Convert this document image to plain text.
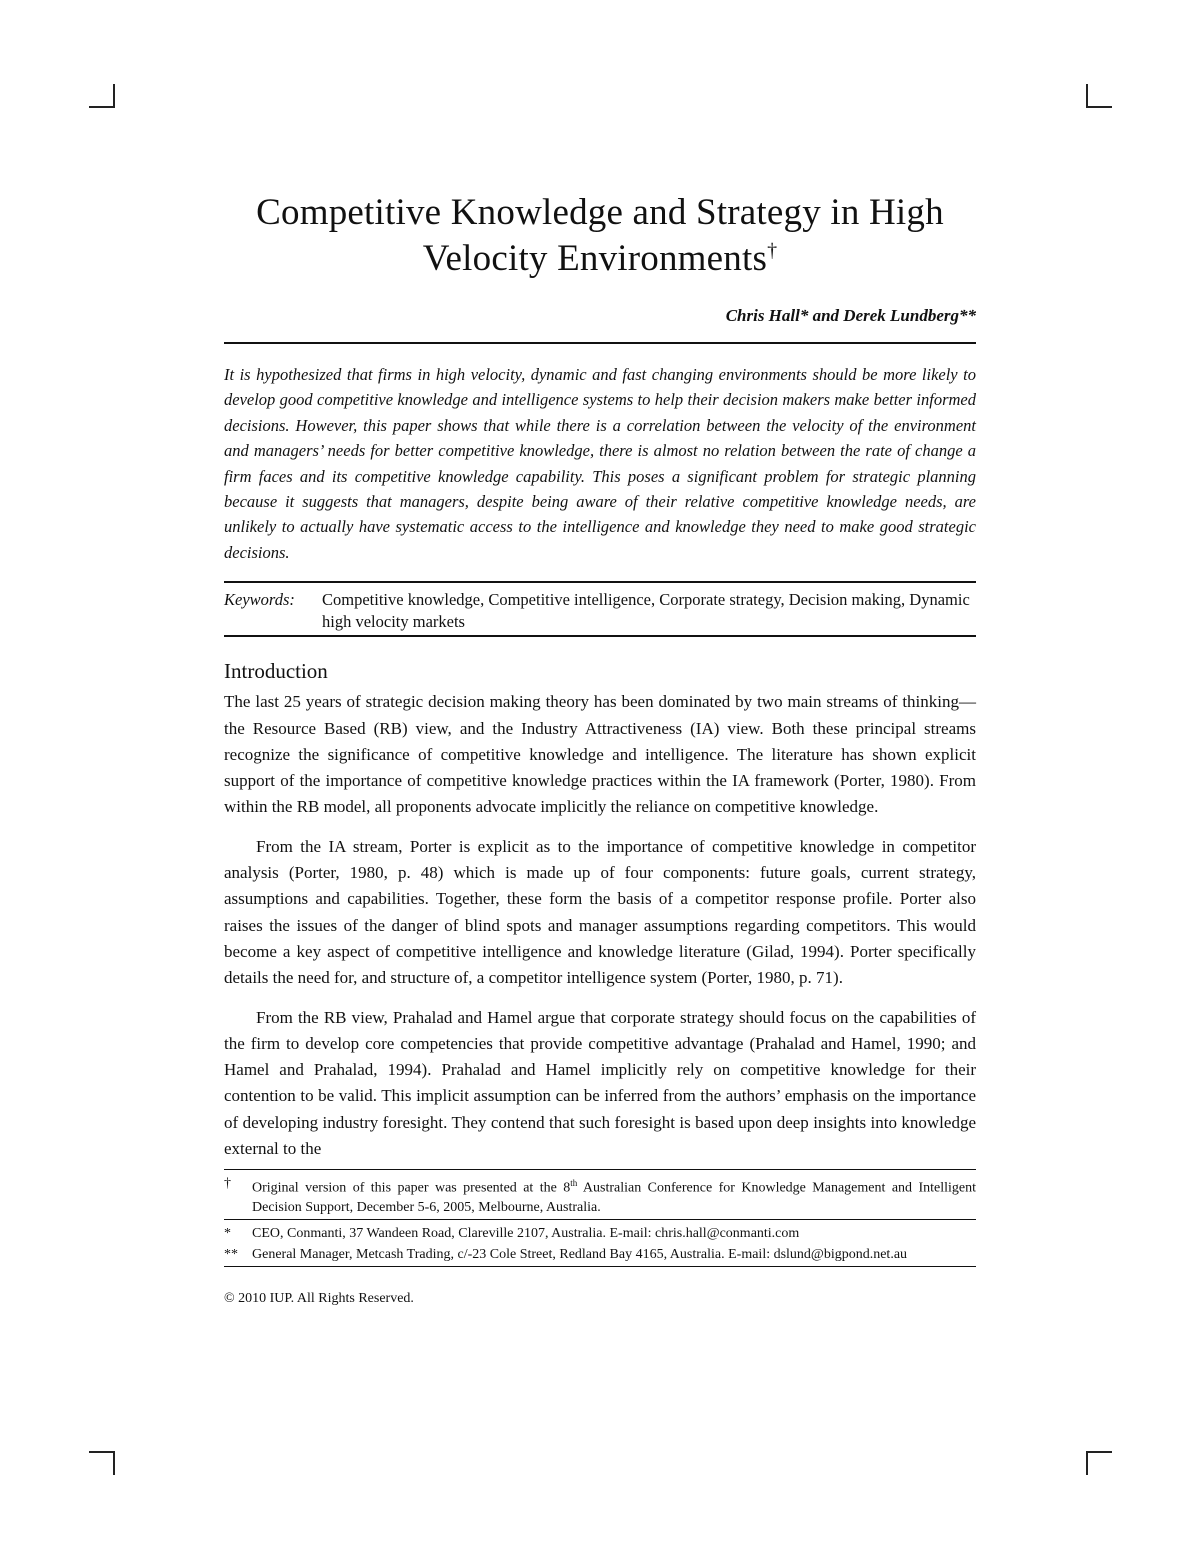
Competitive Knowledge and Strategy in High
Velocity Environments†
Chris Hall* and Derek Lundberg**

It is hypothesized that firms in high velocity, dynamic and fast changing environments should be more likely to develop good competitive knowledge and intelligence systems to help their decision makers make better informed decisions. However, this paper shows that while there is a correlation between the velocity of the environment and managers’ needs for better competitive knowledge, there is almost no relation between the rate of change a firm faces and its competitive knowledge capability. This poses a significant problem for strategic planning because it suggests that managers, despite being aware of their relative competitive knowledge needs, are unlikely to actually have systematic access to the intelligence and knowledge they need to make good strategic decisions.

Keywords:	Competitive knowledge, Competitive intelligence, Corporate strategy, Decision making, Dynamic high velocity markets
Introduction

The last 25 years of strategic decision making theory has been dominated by two main streams of thinking—the Resource Based (RB) view, and the Industry Attractiveness (IA) view. Both these principal streams recognize the significance of competitive knowledge and intelligence. The literature has shown explicit support of the importance of competitive knowledge practices within the IA framework (Porter, 1980). From within the RB model, all proponents advocate implicitly the reliance on competitive knowledge.

From the IA stream, Porter is explicit as to the importance of competitive knowledge in competitor analysis (Porter, 1980, p. 48) which is made up of four components: future goals, current strategy, assumptions and capabilities. Together, these form the basis of a competitor response profile. Porter also raises the issues of the danger of blind spots and manager assumptions regarding competitors. This would become a key aspect of competitive intelligence and knowledge literature (Gilad, 1994). Porter specifically details the need for, and structure of, a competitor intelligence system (Porter, 1980, p. 71).

From the RB view, Prahalad and Hamel argue that corporate strategy should focus on the capabilities of the firm to develop core competencies that provide competitive advantage (Prahalad and Hamel, 1990; and Hamel and Prahalad, 1994). Prahalad and Hamel implicitly rely on competitive knowledge for their contention to be valid. This implicit assumption can be inferred from the authors’ emphasis on the importance of developing industry foresight. They contend that such foresight is based upon deep insights into knowledge external to the

†	Original version of this paper was presented at the 8th Australian Conference for Knowledge Management and Intelligent Decision Support, December 5-6, 2005, Melbourne, Australia.
*	CEO, Conmanti, 37 Wandeen Road, Clareville 2107, Australia. E-mail: chris.hall@conmanti.com
**	General Manager, Metcash Trading, c/-23 Cole Street, Redland Bay 4165, Australia. E-mail: dslund@bigpond.net.au
© 2010 IUP. All Rights Reserved.
